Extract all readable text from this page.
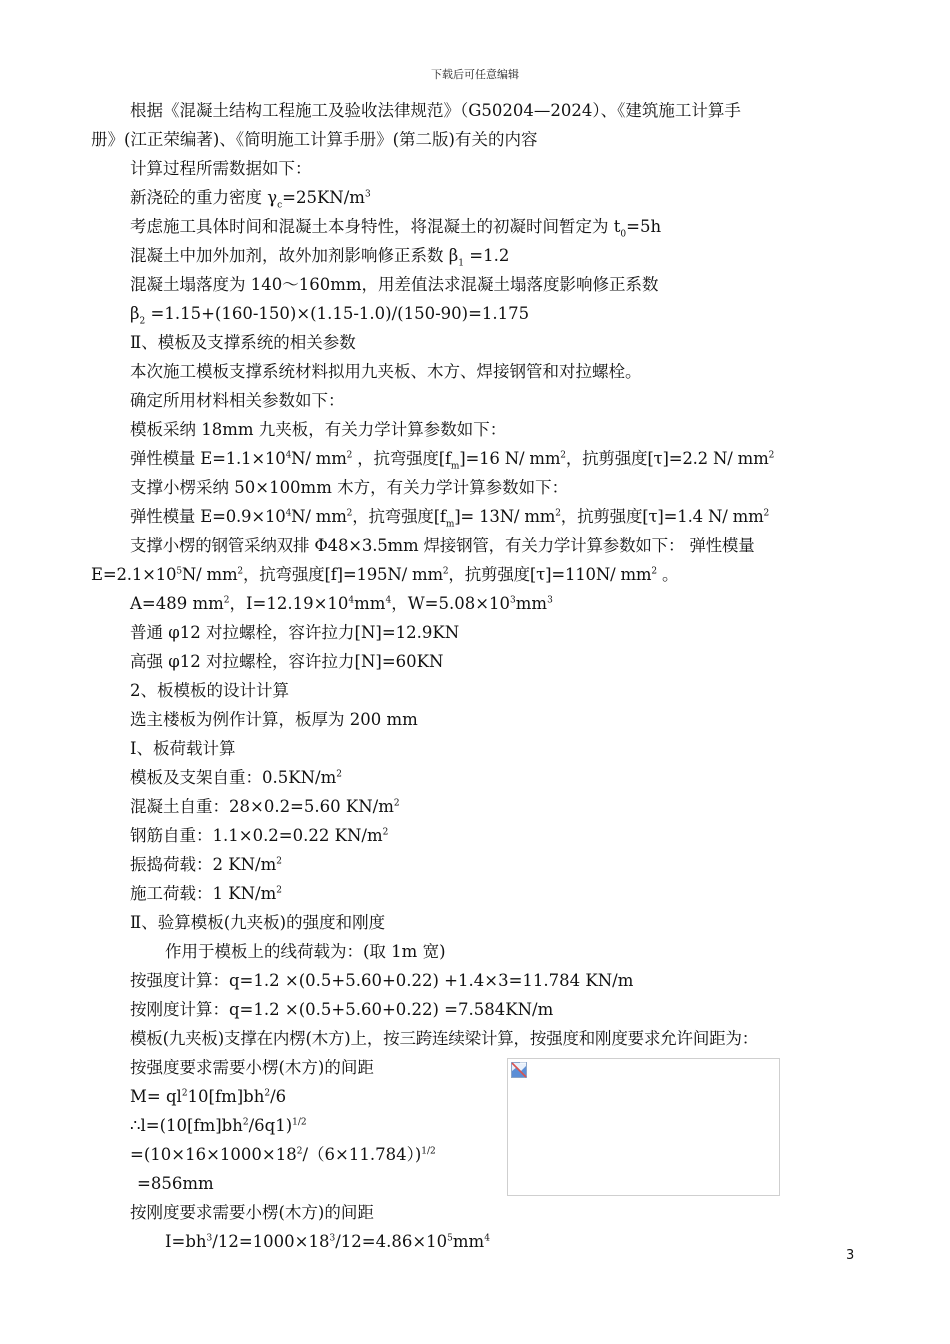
下载后可任意编辑
根据《混凝土结构工程施工及验收法律规范》（G50204—2024）、《建筑施工计算手
册》(江正荣编著)、《简明施工计算手册》(第二版)有关的内容
计算过程所需数据如下：
新浇砼的重力密度 $\gamma_c=25KN/m^3$
考虑施工具体时间和混凝土本身特性，将混凝土的初凝时间暂定为 $t_0=5h$
混凝土中加外加剂，故外加剂影响修正系数 $\beta_1 =1.2$
混凝土塌落度为 140～160mm，用差值法求混凝土塌落度影响修正系数
$\beta_2 =1.15+(160-150)\times(1.15-1.0)/(150-90)=1.175$
Ⅱ、模板及支撑系统的相关参数
本次施工模板支撑系统材料拟用九夹板、木方、焊接钢管和对拉螺栓。
确定所用材料相关参数如下：
模板采纳 18mm 九夹板，有关力学计算参数如下：
弹性模量 $E=1.1\times 10^4N/$ $mm^2$ ，抗弯强度$[f_m]=16$ N/ $mm^2$，抗剪强度[τ]=2.2 N/ $mm^2$
支撑小楞采纳 50×100mm 木方，有关力学计算参数如下：
弹性模量 $E=0.9\times 10^4N/$ $mm^2$，抗弯强度$[f_m]= 13N/$ $mm^2$，抗剪强度[τ]=1.4 N/ $mm^2$
支撑小楞的钢管采纳双排 Φ48×3.5mm 焊接钢管，有关力学计算参数如下： 弹性模量
$E=2.1\times 10^5N/$ $mm^2$，抗弯强度[f]=195N/ $mm^2$，抗剪强度[τ]=110N/ $mm^2$ 。
A=489 $mm^2$，$I=12.19\times 10^4mm^4$，$W=5.08\times 10^3mm^3$
普通 φ12 对拉螺栓，容许拉力[N]=12.9KN
高强 φ12 对拉螺栓，容许拉力[N]=60KN
2、板模板的设计计算
选主楼板为例作计算，板厚为 200 mm
Ⅰ、板荷载计算
模板及支架自重：$0.5KN/m^2$
混凝土自重：28×0.2=5.60 $KN/m^2$
钢筋自重：1.1×0.2=0.22 $KN/m^2$
振捣荷载：2 $KN/m^2$
施工荷载：1 $KN/m^2$
Ⅱ、验算模板(九夹板)的强度和刚度
作用于模板上的线荷载为：(取 1m 宽)
按强度计算：q=1.2 ×(0.5+5.60+0.22) +1.4×3=11.784 KN/m
按刚度计算：q=1.2 ×(0.5+5.60+0.22) =7.584KN/m
模板(九夹板)支撑在内楞(木方)上，按三跨连续梁计算，按强度和刚度要求允许间距为：
按强度要求需要小楞(木方)的间距
$M= ql^210[fm]bh^2/6$
$\therefore l=(10[fm]bh^2/6q1)^{1/2}$
$=(10\times 16\times 1000\times 18^2/(6\times 11.784))^{1/2}$
=856mm
按刚度要求需要小楞(木方)的间距
$I=bh^3/12=1000\times 18^3/12=4.86\times 10^5mm^4$
3
